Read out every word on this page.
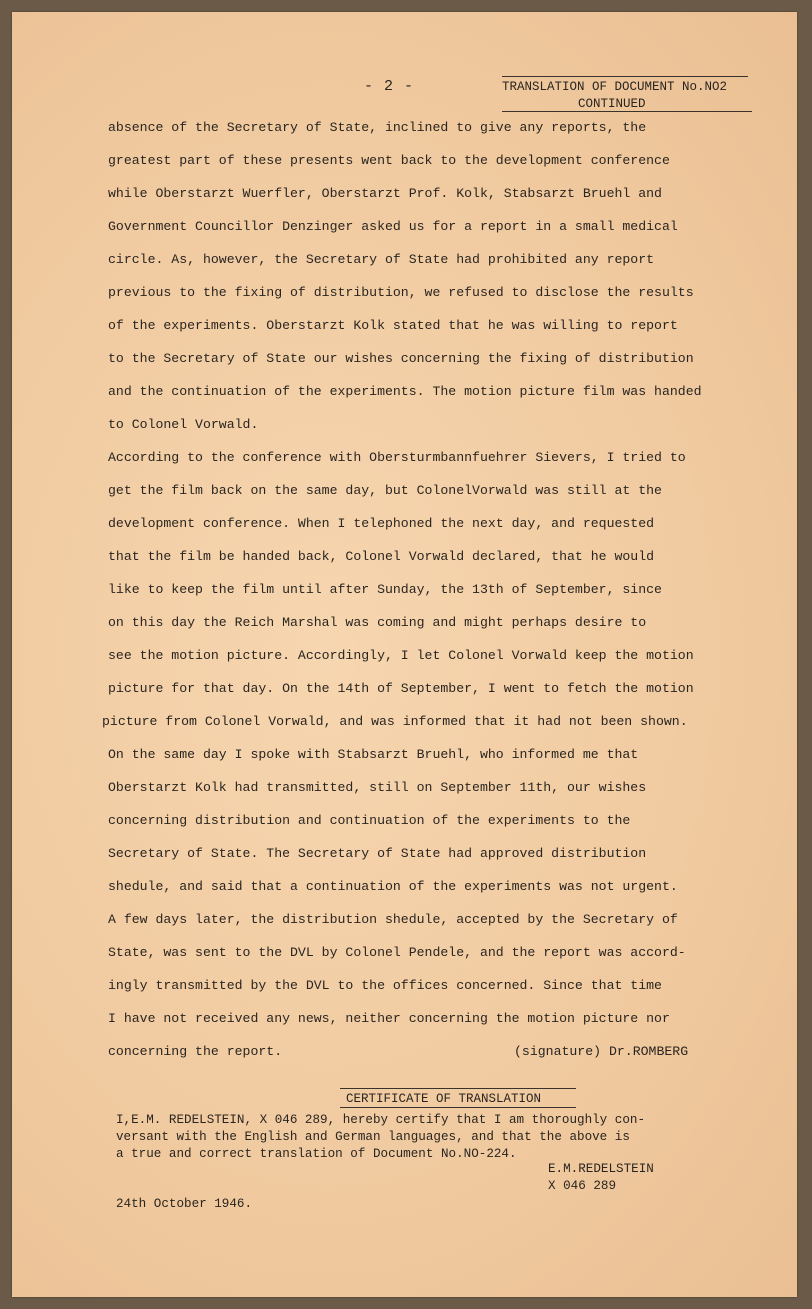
- 2 -	TRANSLATION OF DOCUMENT No.NO2
CONTINUED
absence of the Secretary of State, inclined to give any reports, the
greatest part of these presents went back to the development conference
while Oberstarzt Wuerfler, Oberstarzt Prof. Kolk, Stabsarzt Bruehl and
Government Councillor Denzinger asked us for a report in a small medical
circle. As, however, the Secretary of State had prohibited any report
previous to the fixing of distribution, we refused to disclose the results
of the experiments. Oberstarzt Kolk stated that he was willing to report
to the Secretary of State our wishes concerning the fixing of distribution
and the continuation of the experiments. The motion picture film was handed
to Colonel Vorwald.
According to the conference with Obersturmbannfuehrer Sievers, I tried to
get the film back on the same day, but ColonelVorwald was still at the
development conference. When I telephoned the next day, and requested
that the film be handed back, Colonel Vorwald declared, that he would
like to keep the film until after Sunday, the 13th of September, since
on this day the Reich Marshal was coming and might perhaps desire to
see the motion picture. Accordingly, I let Colonel Vorwald keep the motion
picture for that day. On the 14th of September, I went to fetch the motion
picture from Colonel Vorwald, and was informed that it had not been shown.
On the same day I spoke with Stabsarzt Bruehl, who informed me that
Oberstarzt Kolk had transmitted, still on September 11th, our wishes
concerning distribution and continuation of the experiments to the
Secretary of State. The Secretary of State had approved distribution
shedule, and said that a continuation of the experiments was not urgent.
A few days later, the distribution shedule, accepted by the Secretary of
State, was sent to the DVL by Colonel Pendele, and the report was accord-
ingly transmitted by the DVL to the offices concerned. Since that time
I have not received any news, neither concerning the motion picture nor
concerning the report.	(signature) Dr.ROMBERG
CERTIFICATE OF TRANSLATION
I,E.M. REDELSTEIN, X 046 289, hereby certify that I am thoroughly con-
versant with the English and German languages, and that the above is
a true and correct translation of Document No.NO-224.
E.M.REDELSTEIN
X 046 289
24th October 1946.
